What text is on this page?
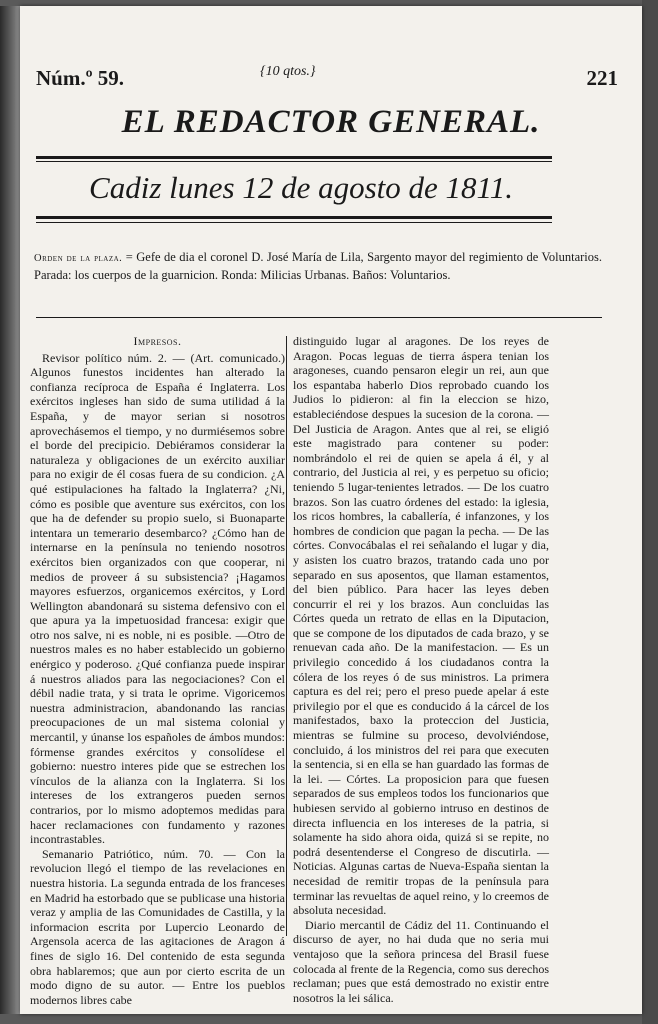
Núm.º 59.	{10 qtos.}	221
EL REDACTOR GENERAL.
Cadiz lunes 12 de agosto de 1811.
Orden de la plaza. = Gefe de dia el coronel D. José María de Lila, Sargento mayor del regimiento de Voluntarios. Parada: los cuerpos de la guarnicion. Ronda: Milicias Urbanas. Baños: Voluntarios.

Impresos.

Revisor político núm. 2. — (Art. comunicado.) Algunos funestos incidentes han alterado la confianza recíproca de España é Inglaterra. Los exércitos ingleses han sido de suma utilidad á la España, y de mayor serian si nosotros aprovechásemos el tiempo, y no durmiésemos sobre el borde del precipicio. Debiéramos considerar la naturaleza y obligaciones de un exército auxiliar para no exigir de él cosas fuera de su condicion. ¿A qué estipulaciones ha faltado la Inglaterra? ¿Ni, cómo es posible que aventure sus exércitos, con los que ha de defender su propio suelo, si Buonaparte intentara un temerario desembarco? ¿Cómo han de internarse en la península no teniendo nosotros exércitos bien organizados con que cooperar, ni medios de proveer á su subsistencia? ¡Hagamos mayores esfuerzos, organicemos exércitos, y Lord Wellington abandonará su sistema defensivo con el que apura ya la impetuosidad francesa: exigir que otro nos salve, ni es noble, ni es posible. —Otro de nuestros males es no haber establecido un gobierno enérgico y poderoso. ¿Qué confianza puede inspirar á nuestros aliados para las negociaciones? Con el débil nadie trata, y si trata le oprime. Vigoricemos nuestra administracion, abandonando las rancias preocupaciones de un mal sistema colonial y mercantil, y únanse los españoles de ámbos mundos: fórmense grandes exércitos y consolídese el gobierno: nuestro interes pide que se estrechen los vínculos de la alianza con la Inglaterra. Si los intereses de los extrangeros pueden sernos contrarios, por lo mismo adoptemos medidas para hacer reclamaciones con fundamento y razones incontrastables.

Semanario Patriótico, núm. 70. — Con la revolucion llegó el tiempo de las revelaciones en nuestra historia. La segunda entrada de los franceses en Madrid ha estorbado que se publicase una historia veraz y amplia de las Comunidades de Castilla, y la informacion escrita por Lupercio Leonardo de Argensola acerca de las agitaciones de Aragon á fines de siglo 16. Del contenido de esta segunda obra hablaremos; que aun por cierto escrita de un modo digno de su autor. — Entre los pueblos modernos libres cabe

distinguido lugar al aragones. De los reyes de Aragon. Pocas leguas de tierra áspera tenian los aragoneses, cuando pensaron elegir un rei, aun que los espantaba haberlo Dios reprobado cuando los Judios lo pidieron: al fin la eleccion se hizo, estableciéndose despues la sucesion de la corona. — Del Justicia de Aragon. Antes que al rei, se eligió este magistrado para contener su poder: nombrándolo el rei de quien se apela á él, y al contrario, del Justicia al rei, y es perpetuo su oficio; teniendo 5 lugar-tenientes letrados. — De los cuatro brazos. Son las cuatro órdenes del estado: la iglesia, los ricos hombres, la caballería, é infanzones, y los hombres de condicion que pagan la pecha. — De las córtes. Convocábalas el rei señalando el lugar y dia, y asisten los cuatro brazos, tratando cada uno por separado en sus aposentos, que llaman estamentos, del bien público. Para hacer las leyes deben concurrir el rei y los brazos. Aun concluidas las Córtes queda un retrato de ellas en la Diputacion, que se compone de los diputados de cada brazo, y se renuevan cada año. De la manifestacion. — Es un privilegio concedido á los ciudadanos contra la cólera de los reyes ó de sus ministros. La primera captura es del rei; pero el preso puede apelar á este privilegio por el que es conducido á la cárcel de los manifestados, baxo la proteccion del Justicia, mientras se fulmine su proceso, devolviéndose, concluido, á los ministros del rei para que executen la sentencia, si en ella se han guardado las formas de la lei. — Córtes. La proposicion para que fuesen separados de sus empleos todos los funcionarios que hubiesen servido al gobierno intruso en destinos de directa influencia en los intereses de la patria, si solamente ha sido ahora oida, quizá si se repite, no podrá desentenderse el Congreso de discutirla. — Noticias. Algunas cartas de Nueva-España sientan la necesidad de remitir tropas de la península para terminar las revueltas de aquel reino, y lo creemos de absoluta necesidad.

Diario mercantil de Cádiz del 11. Continuando el discurso de ayer, no hai duda que no seria mui ventajoso que la señora princesa del Brasil fuese colocada al frente de la Regencia, como sus derechos reclaman; pues que está demostrado no existir entre nosotros la lei sálica.
